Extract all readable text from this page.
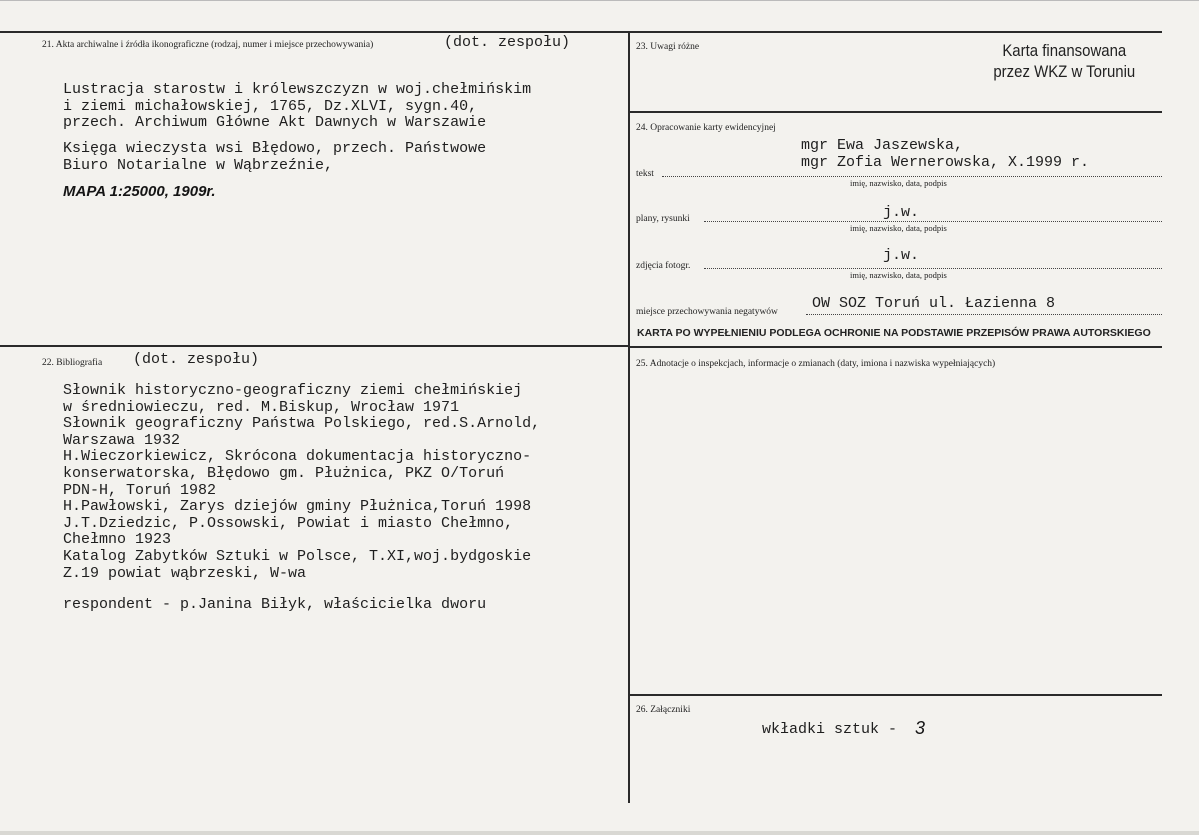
21. Akta archiwalne i źródła ikonograficzne (rodzaj, numer i miejsce przechowywania)	(dot. zespołu)
Lustracja starostw i królewszczyzn w woj.chełmińskim
i ziemi michałowskiej, 1765, Dz.XLVI, sygn.40,
przech. Archiwum Główne Akt Dawnych w Warszawie
Księga wieczysta wsi Błędowo, przech. Państwowe
Biuro Notarialne w Wąbrzeźnie,
MAPA 1:25000, 1909r.
22. Bibliografia (dot. zespołu)
Słownik historyczno-geograficzny ziemi chełmińskiej
w średniowieczu, red. M.Biskup, Wrocław 1971
Słownik geograficzny Państwa Polskiego, red.S.Arnold,
Warszawa 1932
H.Wieczorkiewicz, Skrócona dokumentacja historyczno-
konserwatorska, Błędowo gm. Płużnica, PKZ O/Toruń
PDN-H, Toruń 1982
H.Pawłowski, Zarys dziejów gminy Płużnica,Toruń 1998
J.T.Dziedzic, P.Ossowski, Powiat i miasto Chełmno,
Chełmno 1923
Katalog Zabytków Sztuki w Polsce, T.XI,woj.bydgoskie
Z.19 powiat wąbrzeski, W-wa
respondent - p.Janina Biłyk, właścicielka dworu
23. Uwagi różne	Karta finansowana
przez WKZ w Toruniu
24. Opracowanie karty ewidencyjnej
mgr Ewa Jaszewska,
mgr Zofia Wernerowska, X.1999 r.
tekst
imię, nazwisko, data, podpis
j.w.
plany, rysunki
imię, nazwisko, data, podpis
j.w.
zdjęcia fotogr.
imię, nazwisko, data, podpis
OW SOZ Toruń ul. Łazienna 8
miejsce przechowywania negatywów
KARTA PO WYPEŁNIENIU PODLEGA OCHRONIE NA PODSTAWIE PRZEPISÓW PRAWA AUTORSKIEGO
25. Adnotacje o inspekcjach, informacje o zmianach (daty, imiona i nazwiska wypełniających)
26. Załączniki
wkładki sztuk - 3
